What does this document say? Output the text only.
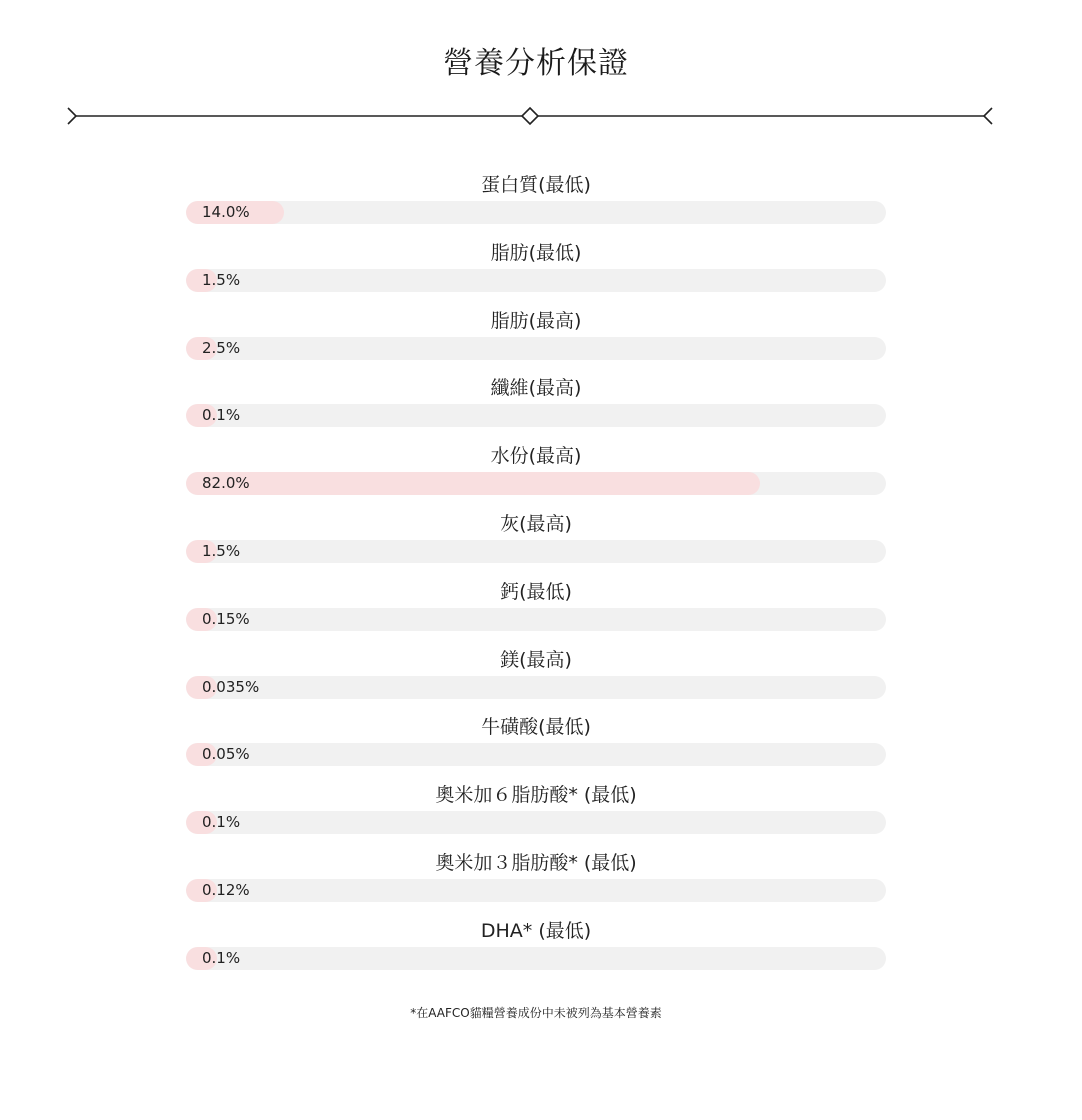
營養分析保證
蛋白質(最低)
14.0%
脂肪(最低)
1.5%
脂肪(最高)
2.5%
纖維(最高)
0.1%
水份(最高)
82.0%
灰(最高)
1.5%
鈣(最低)
0.15%
鎂(最高)
0.035%
牛磺酸(最低)
0.05%
奧米加６脂肪酸* (最低)
0.1%
奧米加３脂肪酸* (最低)
0.12%
DHA* (最低)
0.1%
*在AAFCO貓糧營養成份中未被列為基本營養素
